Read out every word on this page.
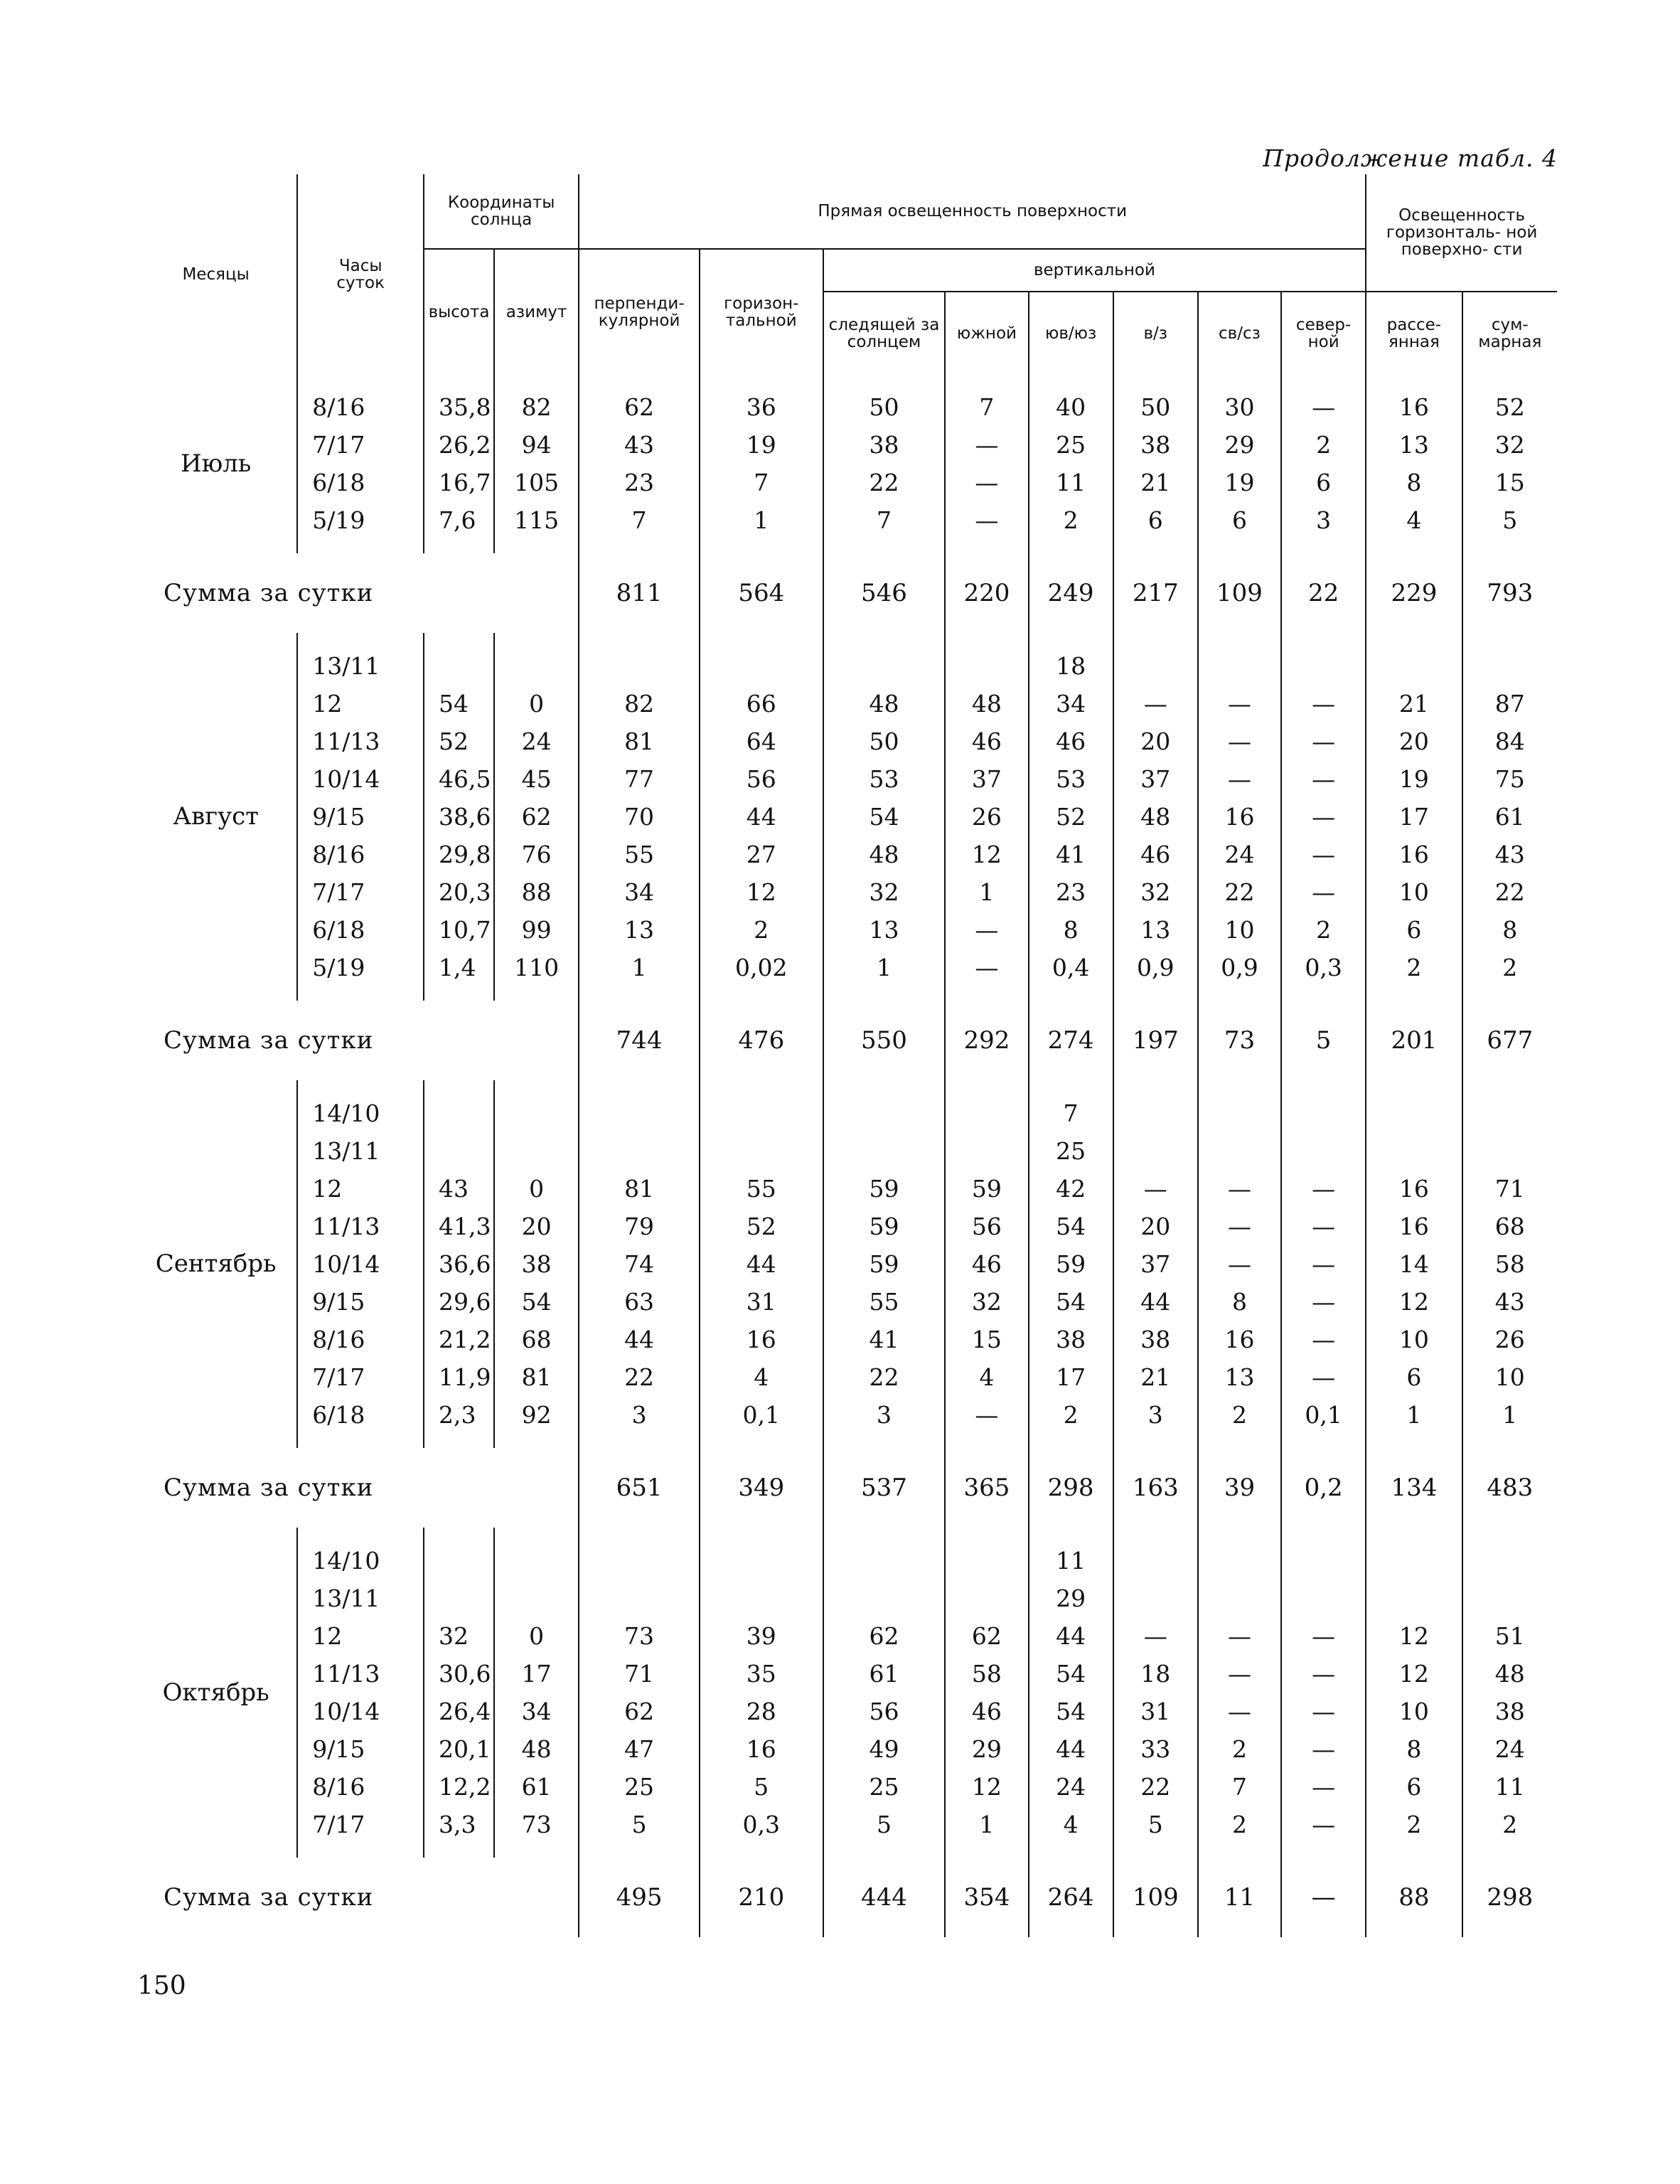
Продолжение табл. 4

Месяцы	Часы суток	Координаты солнца		Прямая освещенность поверхности								Освещенность горизонталь- ной поверхно- сти	
		высота	азимут	перпенди- кулярной	горизон- тальной	вертикальной							
						следящей за солнцем	южной	юв/юз	в/з	св/сз	север- ной	рассе- янная	сум- марная

Июль	8/16	35,8	82	62	36	50	7	40	50	30	—	16	52
	7/17	26,2	94	43	19	38	—	25	38	29	2	13	32
	6/18	16,7	105	23	7	22	—	11	21	19	6	8	15
	5/19	7,6	115	7	1	7	—	2	6	6	3	4	5

Сумма за сутки				811	564	546	220	249	217	109	22	229	793

Август	13/11							18					
	12	54	0	82	66	48	48	34	—	—	—	21	87
	11/13	52	24	81	64	50	46	46	20	—	—	20	84
	10/14	46,5	45	77	56	53	37	53	37	—	—	19	75
	9/15	38,6	62	70	44	54	26	52	48	16	—	17	61
	8/16	29,8	76	55	27	48	12	41	46	24	—	16	43
	7/17	20,3	88	34	12	32	1	23	32	22	—	10	22
	6/18	10,7	99	13	2	13	—	8	13	10	2	6	8
	5/19	1,4	110	1	0,02	1	—	0,4	0,9	0,9	0,3	2	2

Сумма за сутки				744	476	550	292	274	197	73	5	201	677

Сентябрь	14/10							7					
	13/11							25					
	12	43	0	81	55	59	59	42	—	—	—	16	71
	11/13	41,3	20	79	52	59	56	54	20	—	—	16	68
	10/14	36,6	38	74	44	59	46	59	37	—	—	14	58
	9/15	29,6	54	63	31	55	32	54	44	8	—	12	43
	8/16	21,2	68	44	16	41	15	38	38	16	—	10	26
	7/17	11,9	81	22	4	22	4	17	21	13	—	6	10
	6/18	2,3	92	3	0,1	3	—	2	3	2	0,1	1	1

Сумма за сутки				651	349	537	365	298	163	39	0,2	134	483

Октябрь	14/10							11					
	13/11							29					
	12	32	0	73	39	62	62	44	—	—	—	12	51
	11/13	30,6	17	71	35	61	58	54	18	—	—	12	48
	10/14	26,4	34	62	28	56	46	54	31	—	—	10	38
	9/15	20,1	48	47	16	49	29	44	33	2	—	8	24
	8/16	12,2	61	25	5	25	12	24	22	7	—	6	11
	7/17	3,3	73	5	0,3	5	1	4	5	2	—	2	2

Сумма за сутки				495	210	444	354	264	109	11	—	88	298
150
